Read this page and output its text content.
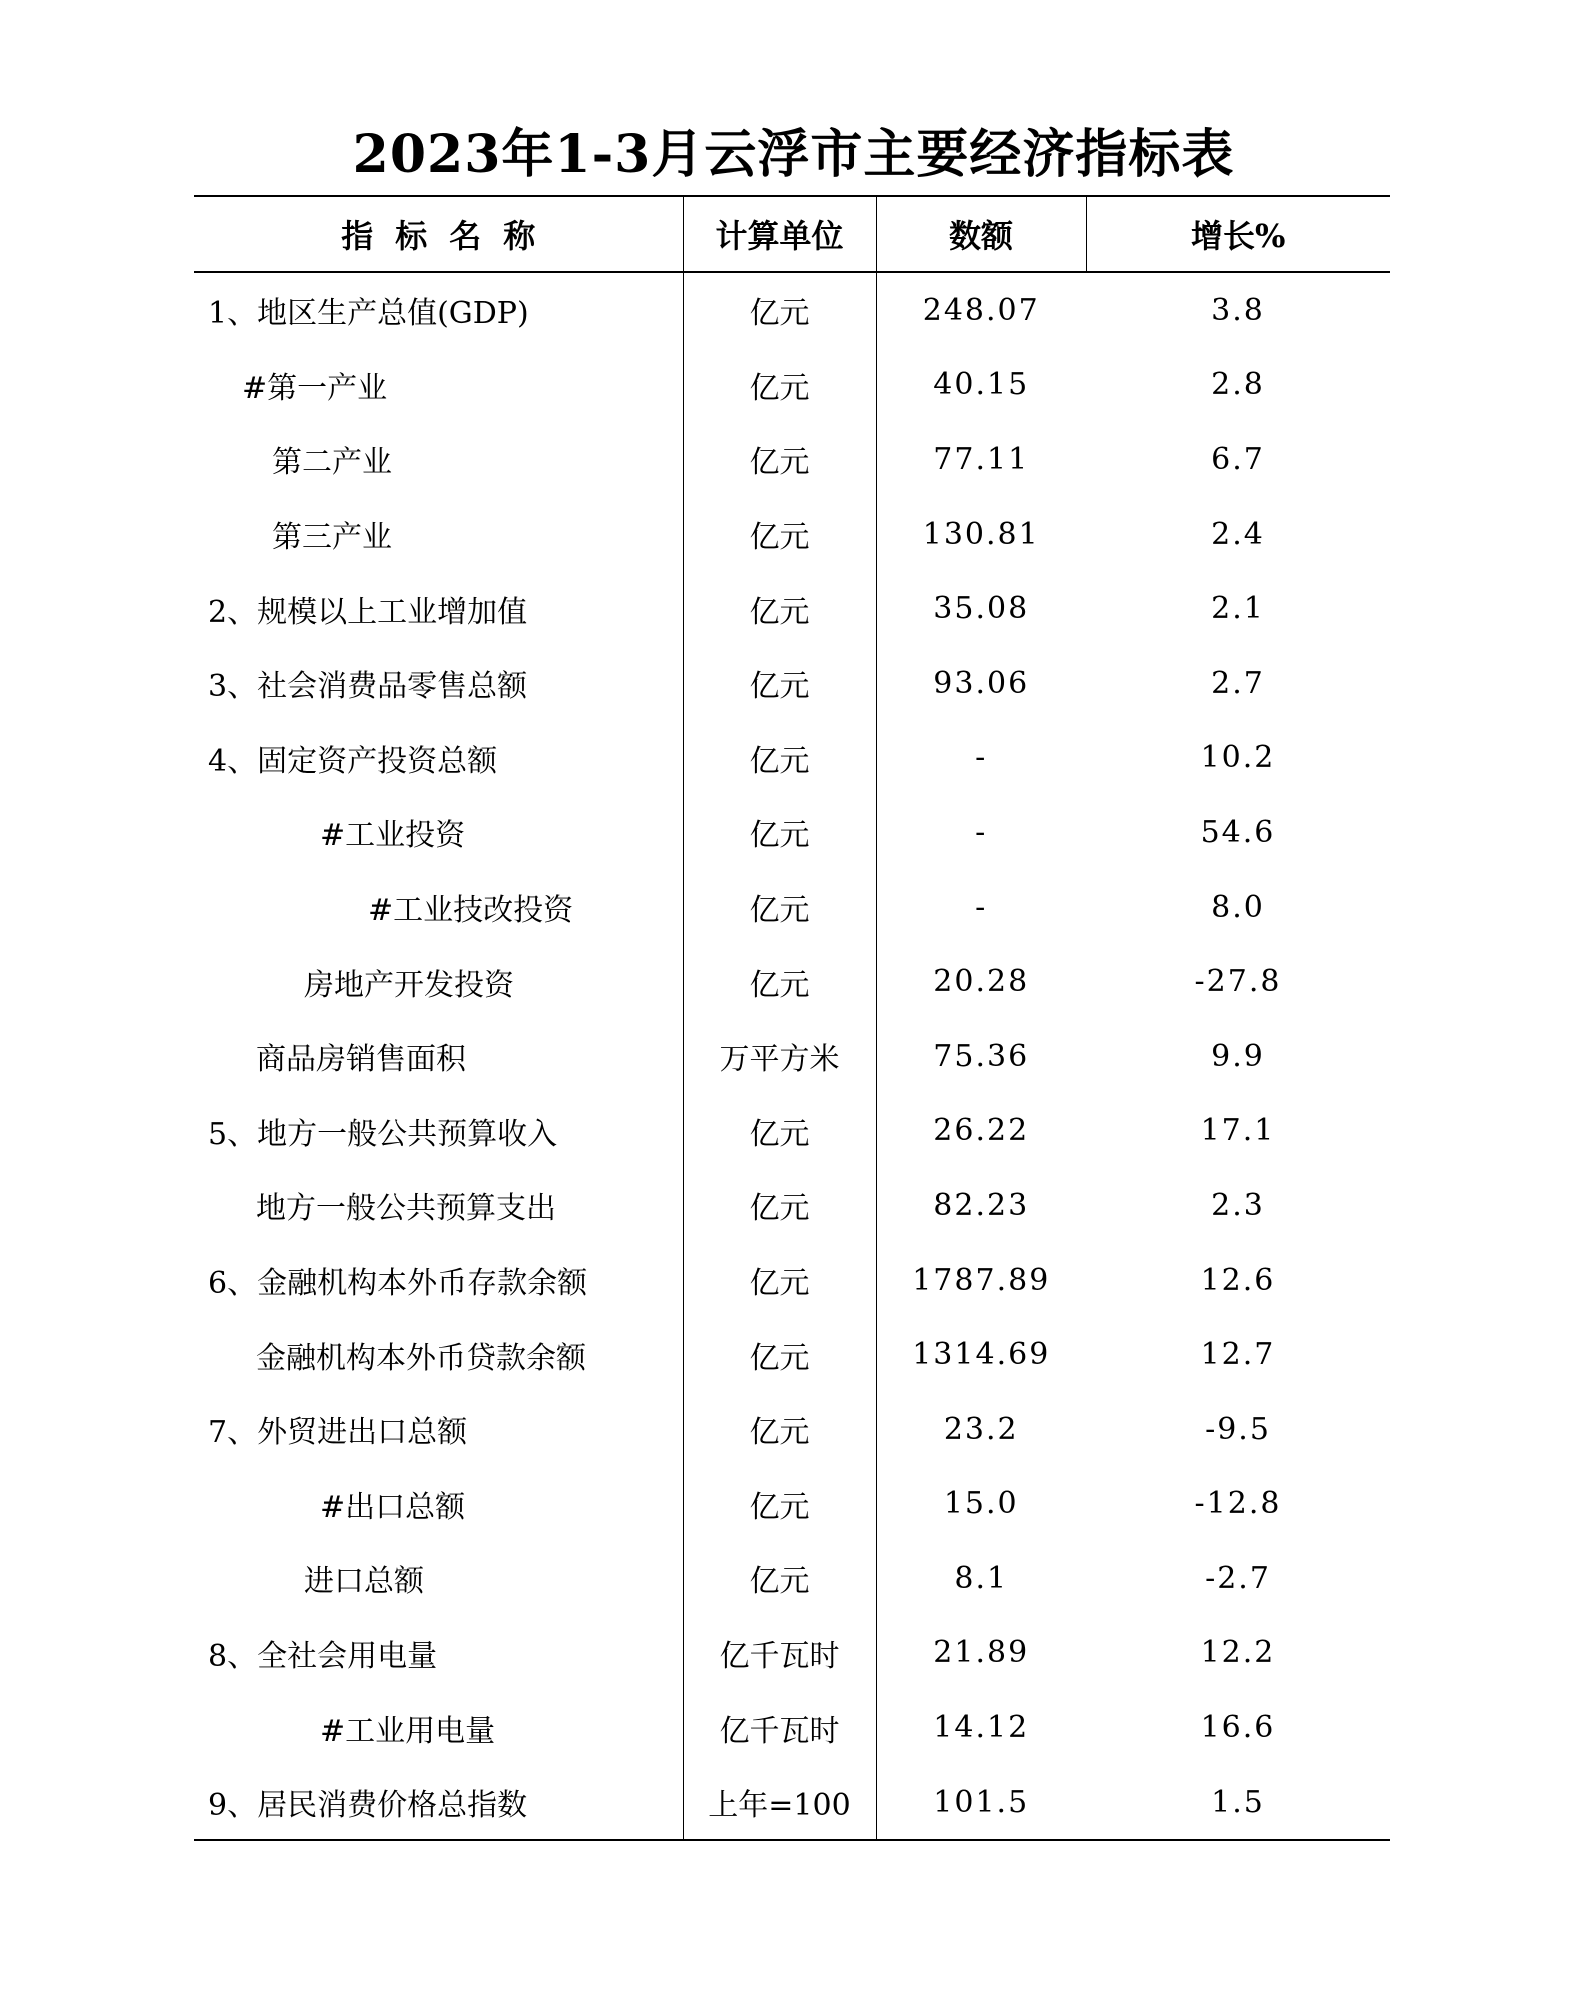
2023年1-3月云浮市主要经济指标表
指标名称	计算单位	数额	增长%
1、地区生产总值(GDP)	亿元	248.07	3.8
#第一产业	亿元	40.15	2.8
第二产业	亿元	77.11	6.7
第三产业	亿元	130.81	2.4
2、规模以上工业增加值	亿元	35.08	2.1
3、社会消费品零售总额	亿元	93.06	2.7
4、固定资产投资总额	亿元	-	10.2
#工业投资	亿元	-	54.6
#工业技改投资	亿元	-	8.0
房地产开发投资	亿元	20.28	-27.8
商品房销售面积	万平方米	75.36	9.9
5、地方一般公共预算收入	亿元	26.22	17.1
地方一般公共预算支出	亿元	82.23	2.3
6、金融机构本外币存款余额	亿元	1787.89	12.6
金融机构本外币贷款余额	亿元	1314.69	12.7
7、外贸进出口总额	亿元	23.2	-9.5
#出口总额	亿元	15.0	-12.8
进口总额	亿元	8.1	-2.7
8、全社会用电量	亿千瓦时	21.89	12.2
#工业用电量	亿千瓦时	14.12	16.6
9、居民消费价格总指数	上年=100	101.5	1.5
